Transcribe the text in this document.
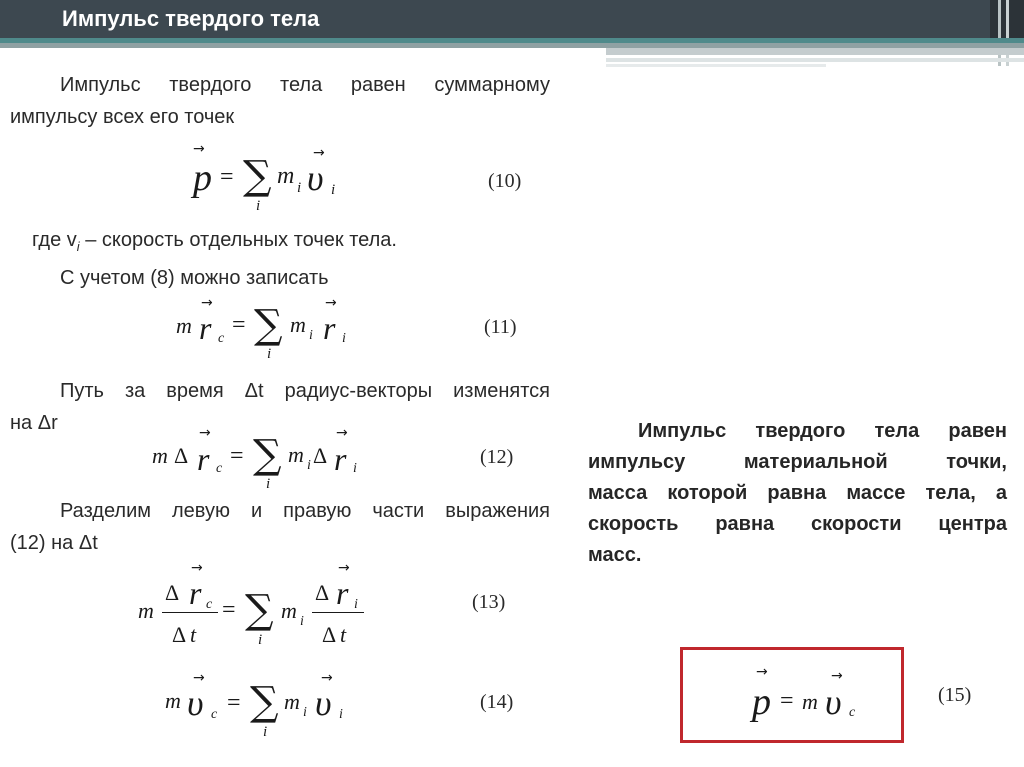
Импульс твердого тела
Импульс твердого тела равен суммарному
импульсу всех его точек
→
p = ∑
i
m i
→
υ i	(10)
где $v_i$ – скорость отдельных точек тела.
С учетом (8) можно записать
m
→
r c
= ∑
i
m i
→
r i
(11)
Путь за время Δt радиус-векторы изменятся
на Δr
m Δ
→
r c = ∑
i
m i Δ
→
r i
(12)
Разделим левую и правую части выражения
(12) на Δt
m
Δ
→
r c
Δ t
= ∑
i
m i
Δ
→
r i
Δ t
(13)
m
→
υ c = ∑
i
m i
→
υ i
(14)
Импульс твердого тела равен
импульсу материальной точки,
масса которой равна массе тела, а
скорость равна скорости центра
масс.
→
p = m
→
υ c
(15)
